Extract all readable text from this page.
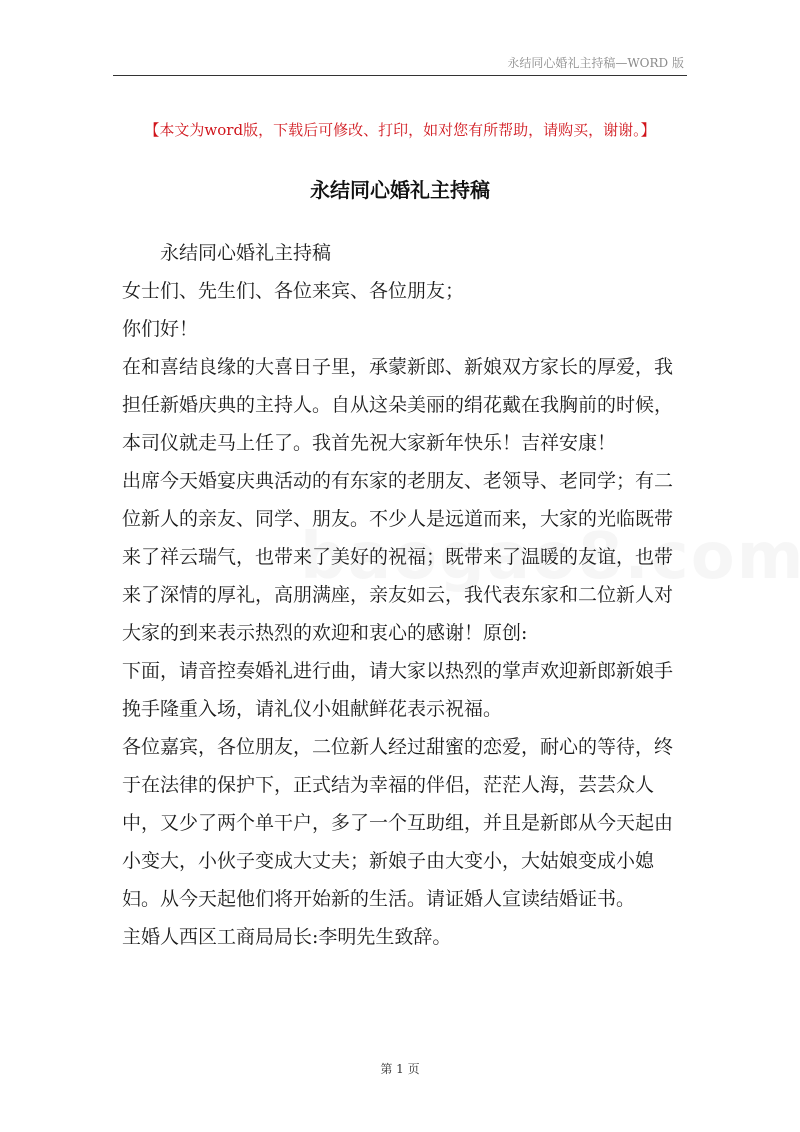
永结同心婚礼主持稿—WORD 版
【本文为word版，下载后可修改、打印，如对您有所帮助，请购买，谢谢。】
永结同心婚礼主持稿

永结同心婚礼主持稿

女士们、先生们、各位来宾、各位朋友；

你们好！

在和喜结良缘的大喜日子里，承蒙新郎、新娘双方家长的厚爱，我担任新婚庆典的主持人。自从这朵美丽的绢花戴在我胸前的时候，本司仪就走马上任了。我首先祝大家新年快乐！吉祥安康！

出席今天婚宴庆典活动的有东家的老朋友、老领导、老同学；有二位新人的亲友、同学、朋友。不少人是远道而来，大家的光临既带来了祥云瑞气，也带来了美好的祝福；既带来了温暖的友谊，也带来了深情的厚礼，高朋满座，亲友如云，我代表东家和二位新人对大家的到来表示热烈的欢迎和衷心的感谢！原创:

下面，请音控奏婚礼进行曲，请大家以热烈的掌声欢迎新郎新娘手挽手隆重入场，请礼仪小姐献鲜花表示祝福。

各位嘉宾，各位朋友，二位新人经过甜蜜的恋爱，耐心的等待，终于在法律的保护下，正式结为幸福的伴侣，茫茫人海，芸芸众人中，又少了两个单干户，多了一个互助组，并且是新郎从今天起由小变大，小伙子变成大丈夫；新娘子由大变小，大姑娘变成小媳妇。从今天起他们将开始新的生活。请证婚人宣读结婚证书。

主婚人西区工商局局长:李明先生致辞。

第 1 页
